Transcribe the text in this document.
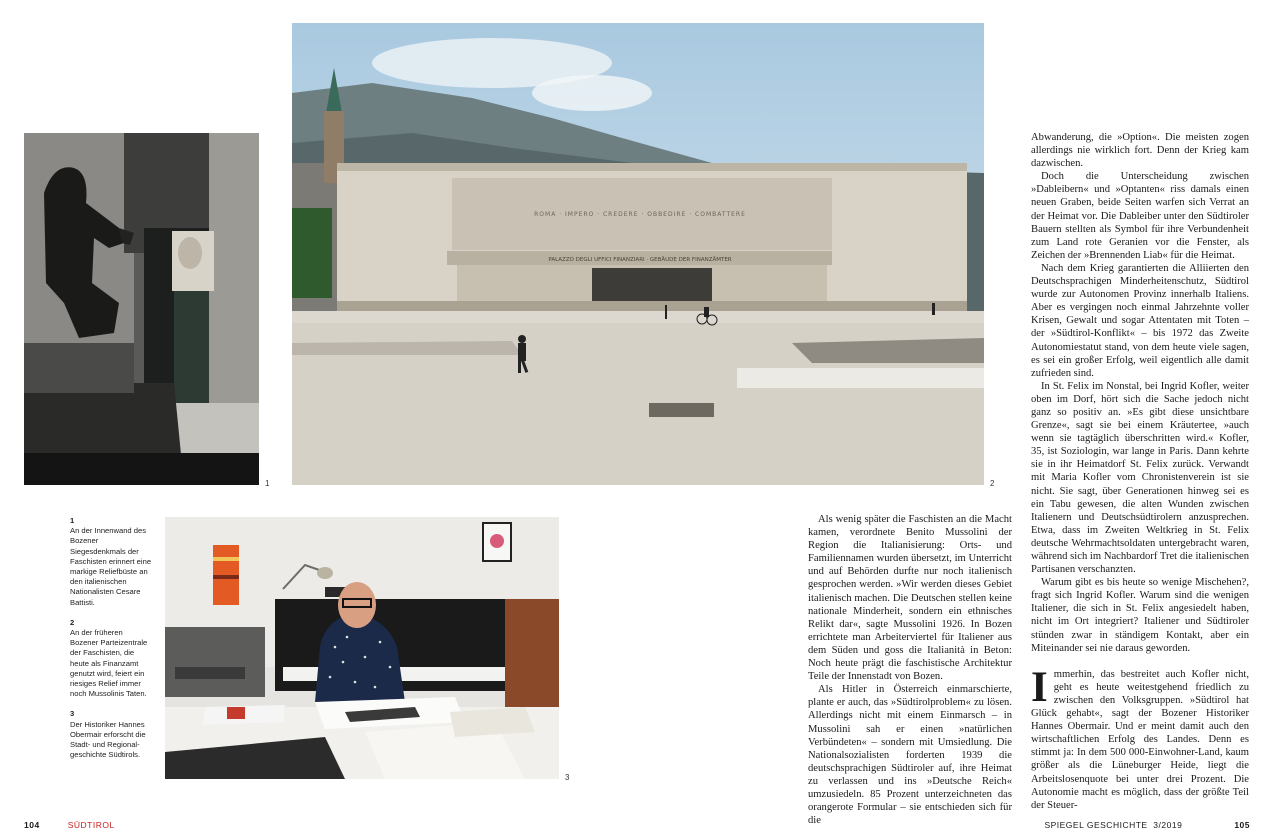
1
ROMA · IMPERO · CREDERE · OBBEDIRE · COMBATTERE
PALAZZO DEGLI UFFICI FINANZIARI · GEBÄUDE DER FINANZÄMTER
2
3
1
An der Innenwand des Bozener Siegesdenkmals der Faschisten erinnert eine markige Reliefbüste an den italienischen Nationalisten Cesare Battisti.
2
An der früheren Bozener Parteizentrale der Faschisten, die heute als Finanzamt genutzt wird, feiert ein riesiges Relief immer noch Mussolinis Taten.
3
Der Historiker Hannes Obermair erforscht die Stadt- und Regionalgeschichte Südtirols.

Als wenig später die Faschisten an die Macht kamen, verordnete Benito Mussolini der Region die Italianisierung: Orts- und Familiennamen wurden übersetzt, im Unterricht und auf Behörden durfte nur noch italienisch gesprochen werden. »Wir werden dieses Gebiet italienisch machen. Die Deutschen stellen keine nationale Minderheit, sondern ein ethnisches Relikt dar«, sagte Mussolini 1926. In Bozen errichtete man Arbeiterviertel für Italiener aus dem Süden und goss die Italianità in Beton: Noch heute prägt die faschistische Architektur Teile der Innenstadt von Bozen.

Als Hitler in Österreich einmarschierte, plante er auch, das »Südtirolproblem« zu lösen. Allerdings nicht mit einem Einmarsch – in Mussolini sah er einen »natürlichen Verbündeten« – sondern mit Umsiedlung. Die Nationalsozialisten forderten 1939 die deutschsprachigen Südtiroler auf, ihre Heimat zu verlassen und ins »Deutsche Reich« umzusiedeln. 85 Prozent unterzeichneten das orangerote Formular – sie entschieden sich für die

Abwanderung, die »Option«. Die meisten zogen allerdings nie wirklich fort. Denn der Krieg kam dazwischen.

Doch die Unterscheidung zwischen »Dableibern« und »Optanten« riss damals einen neuen Graben, beide Seiten warfen sich Verrat an der Heimat vor. Die Dableiber unter den Südtiroler Bauern stellten als Symbol für ihre Verbundenheit zum Land rote Geranien vor die Fenster, als Zeichen der »Brennenden Liab« für die Heimat.

Nach dem Krieg garantierten die Alliierten den Deutschsprachigen Minderheitenschutz, Südtirol wurde zur Autonomen Provinz innerhalb Italiens. Aber es vergingen noch einmal Jahrzehnte voller Krisen, Gewalt und sogar Attentaten mit Toten – der »Südtirol-Konflikt« – bis 1972 das Zweite Autonomiestatut stand, von dem heute viele sagen, es sei ein großer Erfolg, weil eigentlich alle damit zufrieden sind.

In St. Felix im Nonstal, bei Ingrid Kofler, weiter oben im Dorf, hört sich die Sache jedoch nicht ganz so positiv an. »Es gibt diese unsichtbare Grenze«, sagt sie bei einem Kräutertee, »auch wenn sie tagtäglich überschritten wird.« Kofler, 35, ist Soziologin, war lange in Paris. Dann kehrte sie in ihr Heimatdorf St. Felix zurück. Verwandt mit Maria Kofler vom Chronistenverein ist sie nicht. Sie sagt, über Generationen hinweg sei es ein Tabu gewesen, die alten Wunden zwischen Italienern und Deutschsüdtirolern anzusprechen. Etwa, dass im Zweiten Weltkrieg in St. Felix deutsche Wehrmachtsoldaten untergebracht waren, während sich im Nachbardorf Tret die italienischen Partisanen verschanzten.

Warum gibt es bis heute so wenige Mischehen?, fragt sich Ingrid Kofler. Warum sind die wenigen Italiener, die sich in St. Felix angesiedelt haben, nicht im Ort integriert? Italiener und Südtiroler stünden zwar in ständigem Kontakt, aber ein Miteinander sei nie daraus geworden.

Immerhin, das bestreitet auch Kofler nicht, geht es heute weitestgehend friedlich zu zwischen den Volksgruppen. »Südtirol hat Glück gehabt«, sagt der Bozener Historiker Hannes Obermair. Und er meint damit auch den wirtschaftlichen Erfolg des Landes. Denn es stimmt ja: In dem 500 000-Einwohner-Land, kaum größer als die Lüneburger Heide, liegt die Arbeitslosenquote bei unter drei Prozent. Die Autonomie macht es möglich, dass der größte Teil der Steuer-

104	SÜDTIROL	SPIEGEL GESCHICHTE  3/2019	105
